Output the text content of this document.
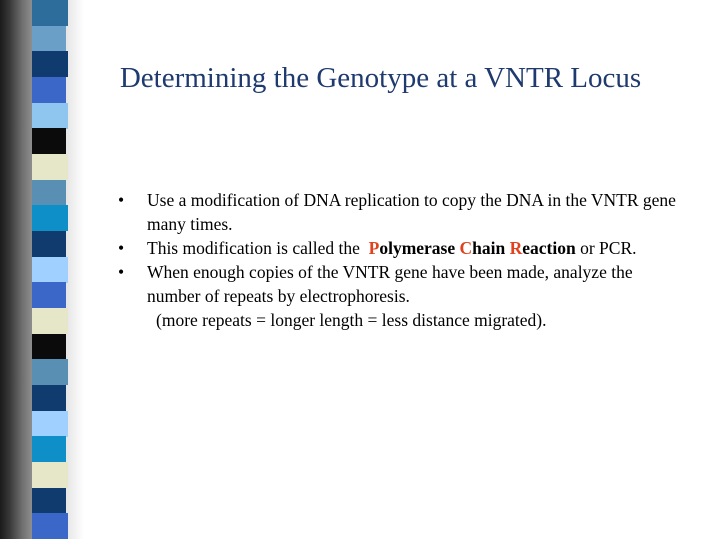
Determining the Genotype at a VNTR Locus
• Use a modification of DNA replication to copy the DNA in the VNTR gene many times.
• This modification is called the  Polymerase Chain Reaction or PCR.
• When enough copies of the VNTR gene have been made, analyze the number of repeats by electrophoresis.
(more repeats = longer length = less distance migrated).
